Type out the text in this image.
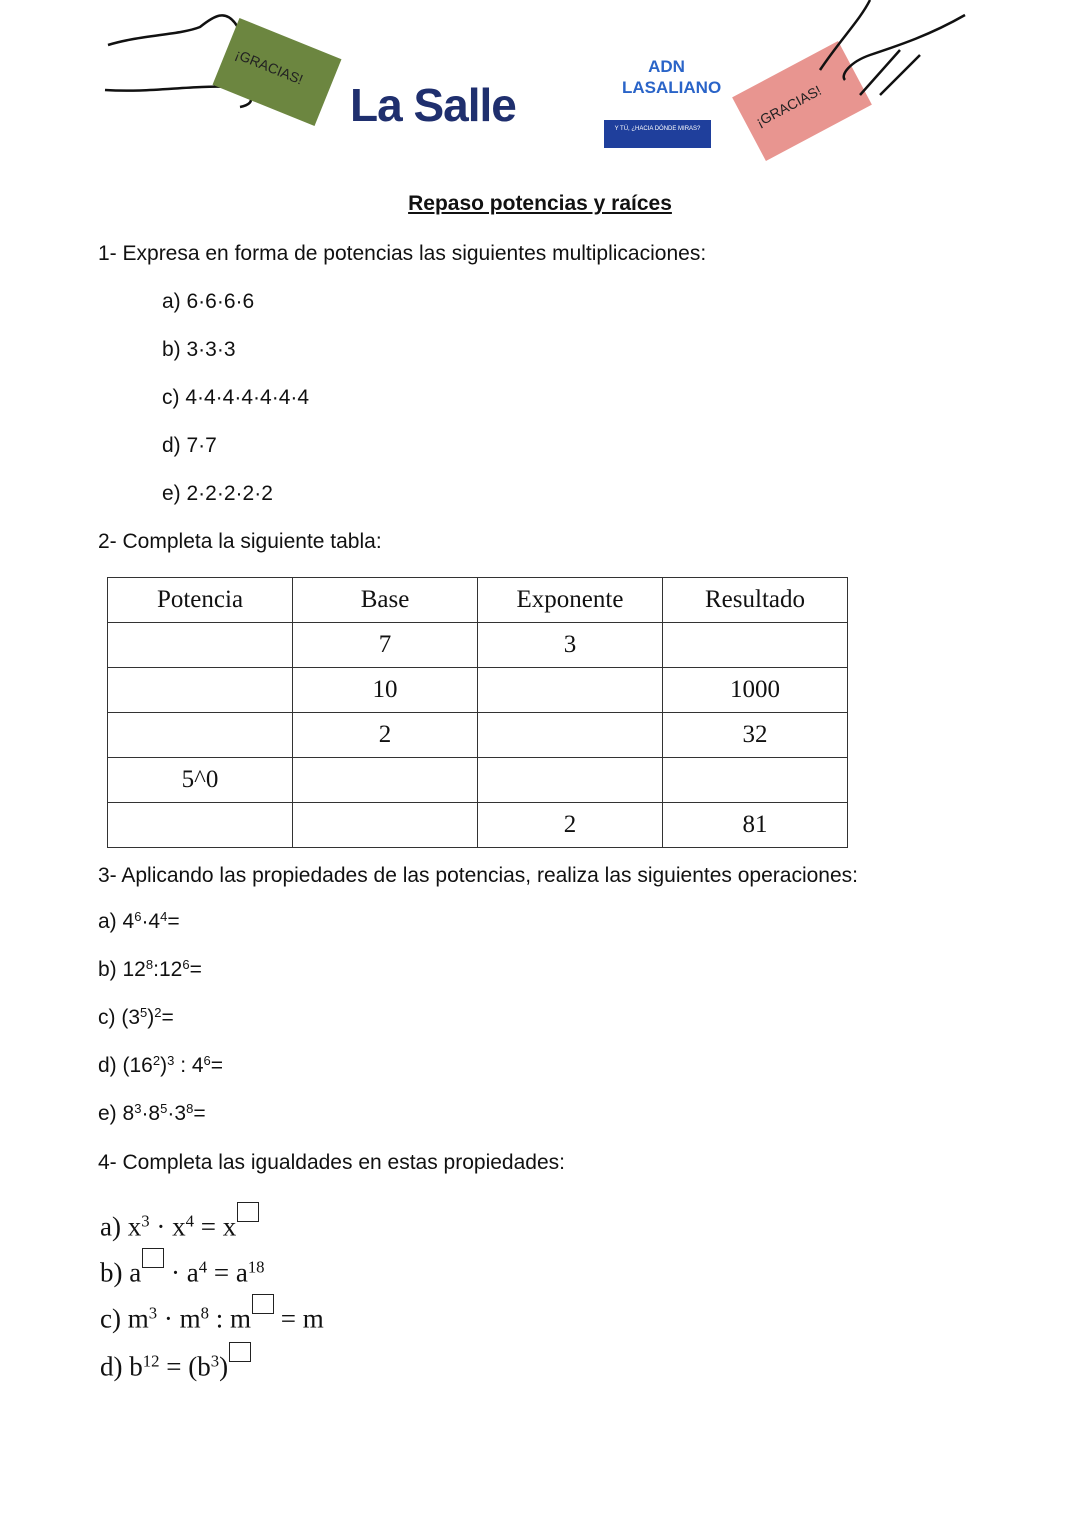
¡GRACIAS!
La Salle
ADN LASALIANO
Y TÚ, ¿HACIA DÓNDE MIRAS?	¡GRACIAS!
Repaso potencias y raíces
1- Expresa en forma de potencias las siguientes multiplicaciones:
a) 6·6·6·6
b) 3·3·3
c) 4·4·4·4·4·4·4
d) 7·7
e) 2·2·2·2·2
2- Completa la siguiente tabla:
Potencia	Base	Exponente	Resultado
	7	3	
	10		1000
	2		32
5^0			
		2	81
3- Aplicando las propiedades de las potencias, realiza las siguientes operaciones:
a) $4^6\cdot 4^4=$
b) $12^8:12^6=$
c) $(3^5)^2=$
d) $(16^2)^3$ : $4^6=$
e) $8^3\cdot 8^5\cdot 3^8=$
4- Completa las igualdades en estas propiedades:
a) $x^3 \cdot x^4 = x$
b) $a \cdot a^4 = a^{18}$
c) $m^3 \cdot m^8$ : m = m
d) $b^{12} = (b^3)$
